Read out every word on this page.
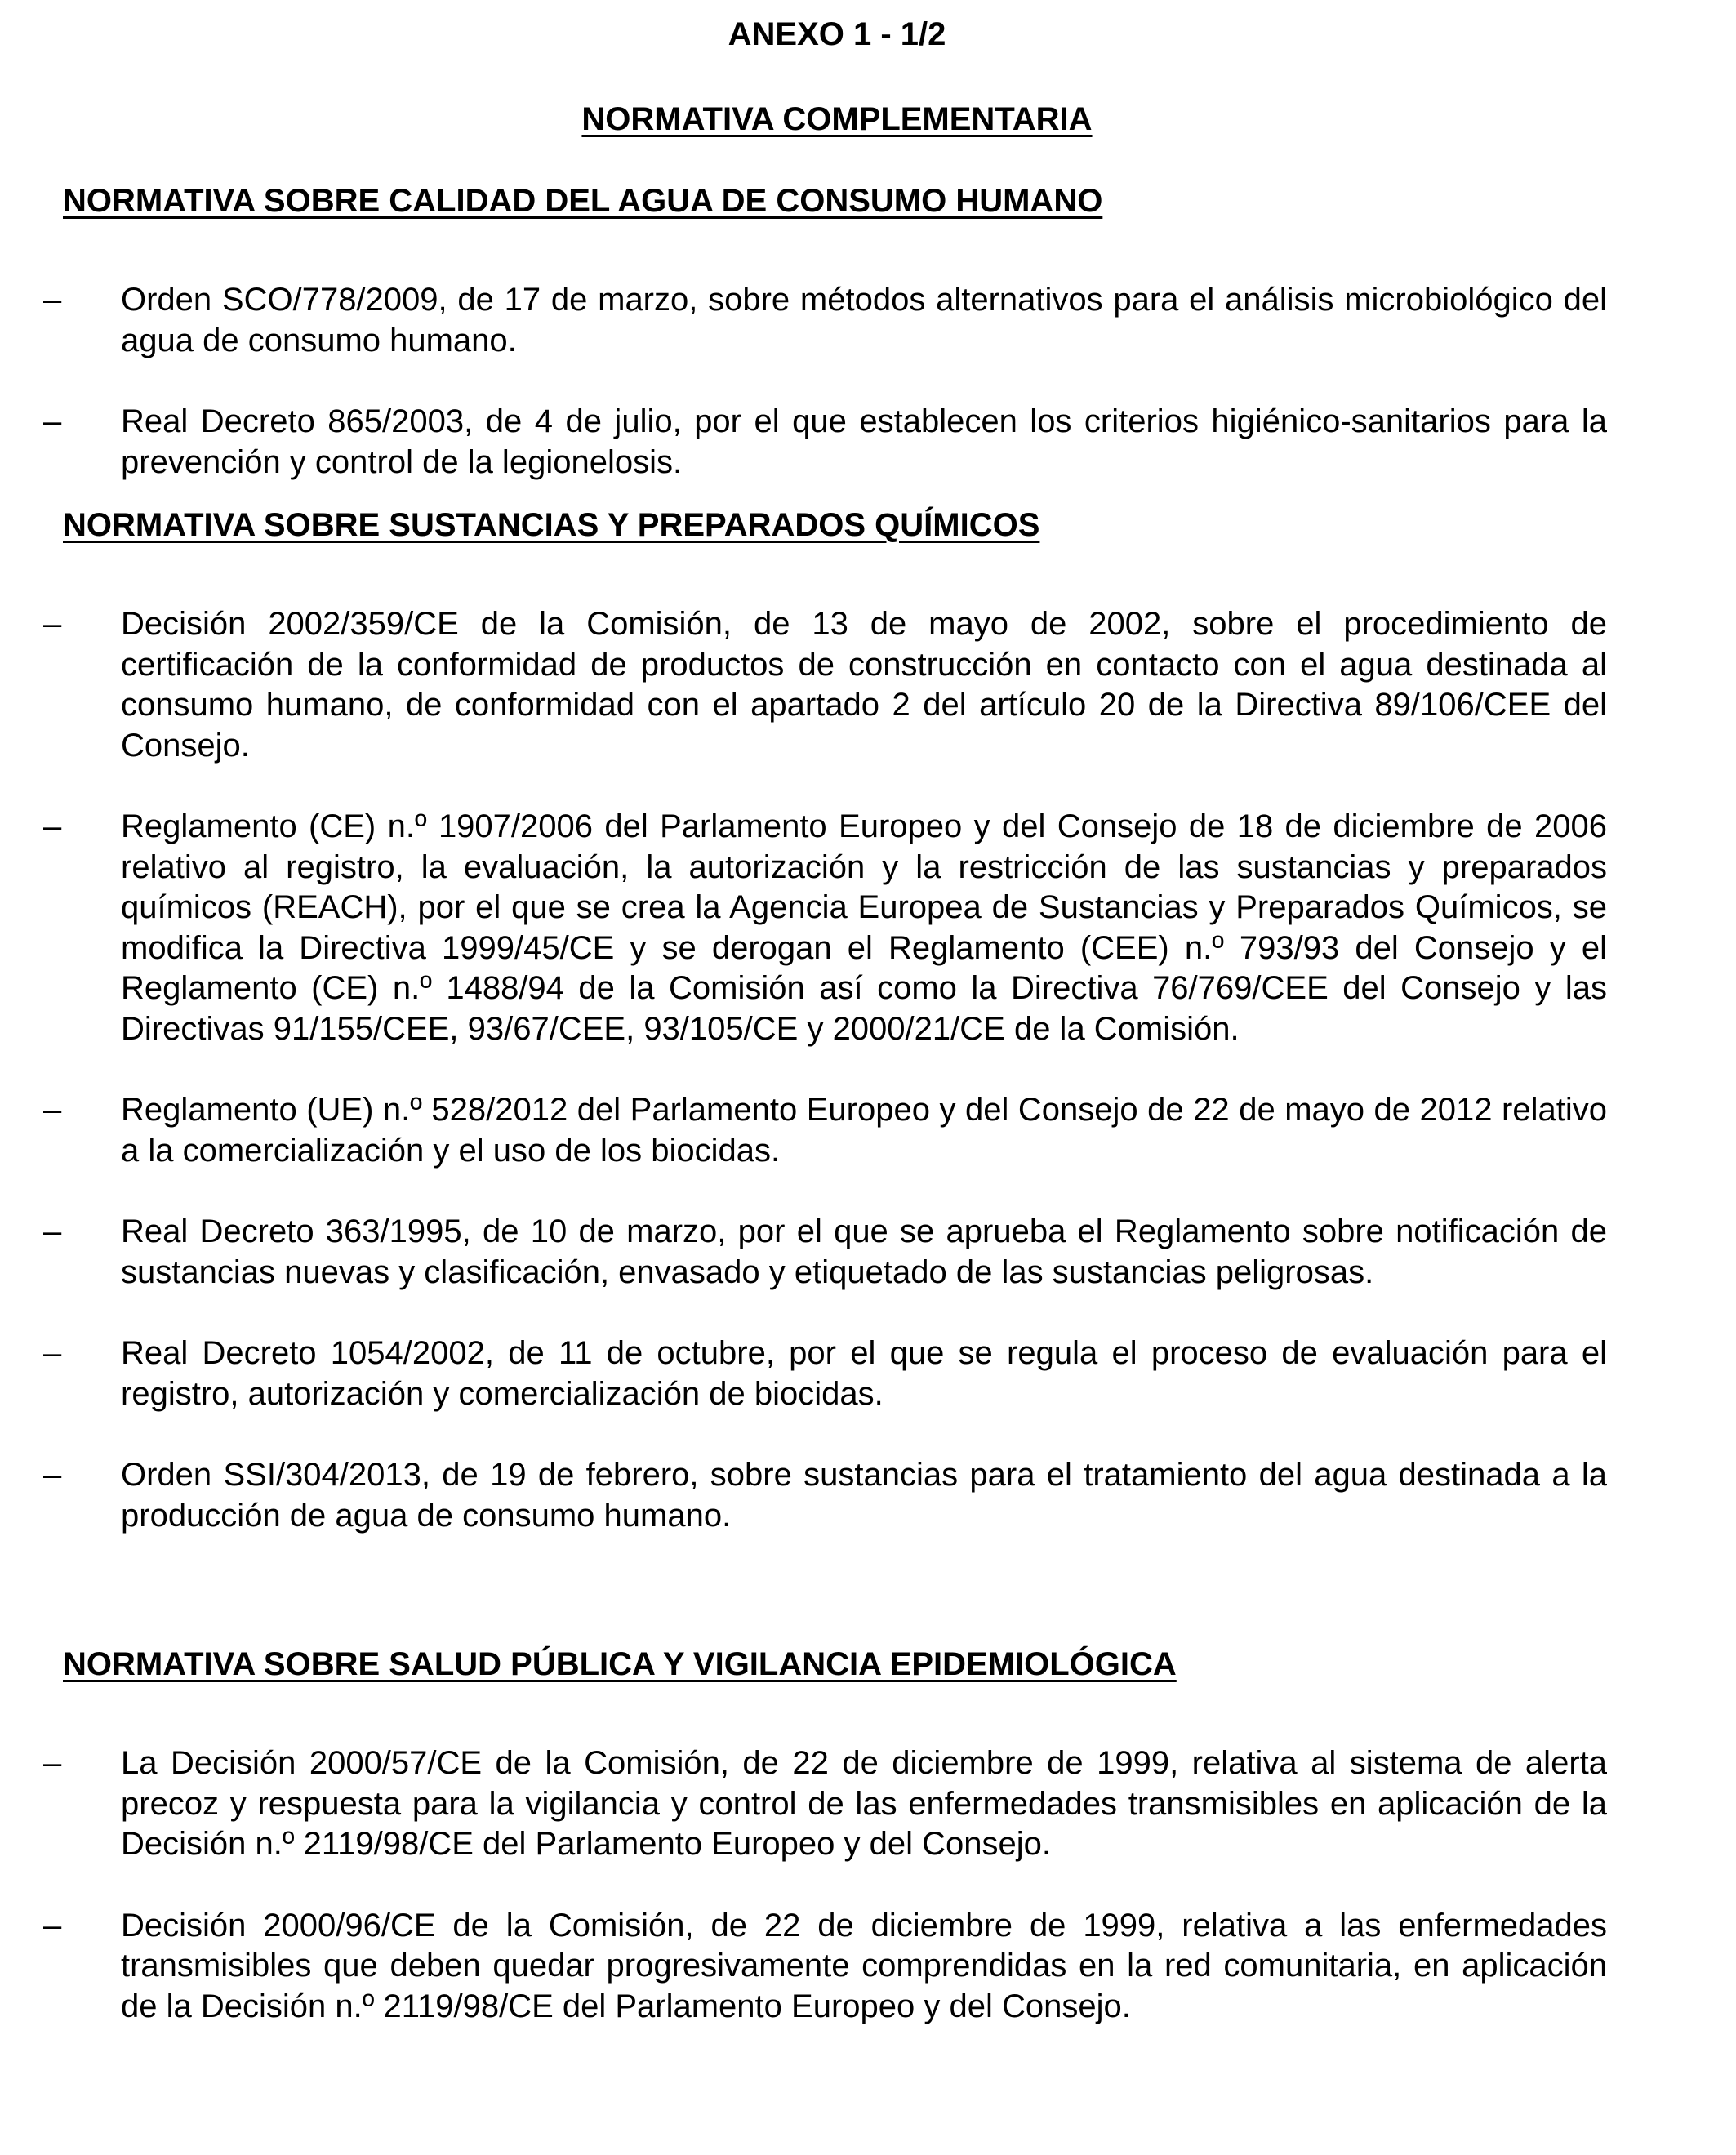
ANEXO 1 - 1/2
NORMATIVA COMPLEMENTARIA
NORMATIVA SOBRE CALIDAD DEL AGUA DE CONSUMO HUMANO
– Orden SCO/778/2009, de 17 de marzo, sobre métodos alternativos para el análisis microbiológico del agua de consumo humano.
– Real Decreto 865/2003, de 4 de julio, por el que establecen los criterios higiénico-sanitarios para la prevención y control de la legionelosis.
NORMATIVA SOBRE SUSTANCIAS Y PREPARADOS QUÍMICOS
– Decisión 2002/359/CE de la Comisión, de 13 de mayo de 2002, sobre el procedimiento de certificación de la conformidad de productos de construcción en contacto con el agua destinada al consumo humano, de conformidad con el apartado 2 del artículo 20 de la Directiva 89/106/CEE del Consejo.
– Reglamento (CE) n.º 1907/2006 del Parlamento Europeo y del Consejo de 18 de diciembre de 2006 relativo al registro, la evaluación, la autorización y la restricción de las sustancias y preparados químicos (REACH), por el que se crea la Agencia Europea de Sustancias y Preparados Químicos, se modifica la Directiva 1999/45/CE y se derogan el Reglamento (CEE) n.º 793/93 del Consejo y el Reglamento (CE) n.º 1488/94 de la Comisión así como la Directiva 76/769/CEE del Consejo y las Directivas 91/155/CEE, 93/67/CEE, 93/105/CE y 2000/21/CE de la Comisión.
– Reglamento (UE) n.º 528/2012 del Parlamento Europeo y del Consejo de 22 de mayo de 2012 relativo a la comercialización y el uso de los biocidas.
– Real Decreto 363/1995, de 10 de marzo, por el que se aprueba el Reglamento sobre notificación de sustancias nuevas y clasificación, envasado y etiquetado de las sustancias peligrosas.
– Real Decreto 1054/2002, de 11 de octubre, por el que se regula el proceso de evaluación para el registro, autorización y comercialización de biocidas.
– Orden SSI/304/2013, de 19 de febrero, sobre sustancias para el tratamiento del agua destinada a la producción de agua de consumo humano.
NORMATIVA SOBRE SALUD PÚBLICA Y VIGILANCIA EPIDEMIOLÓGICA
– La Decisión 2000/57/CE de la Comisión, de 22 de diciembre de 1999, relativa al sistema de alerta precoz y respuesta para la vigilancia y control de las enfermedades transmisibles en aplicación de la Decisión n.º 2119/98/CE del Parlamento Europeo y del Consejo.
– Decisión 2000/96/CE de la Comisión, de 22 de diciembre de 1999, relativa a las enfermedades transmisibles que deben quedar progresivamente comprendidas en la red comunitaria, en aplicación de la Decisión n.º 2119/98/CE del Parlamento Europeo y del Consejo.
